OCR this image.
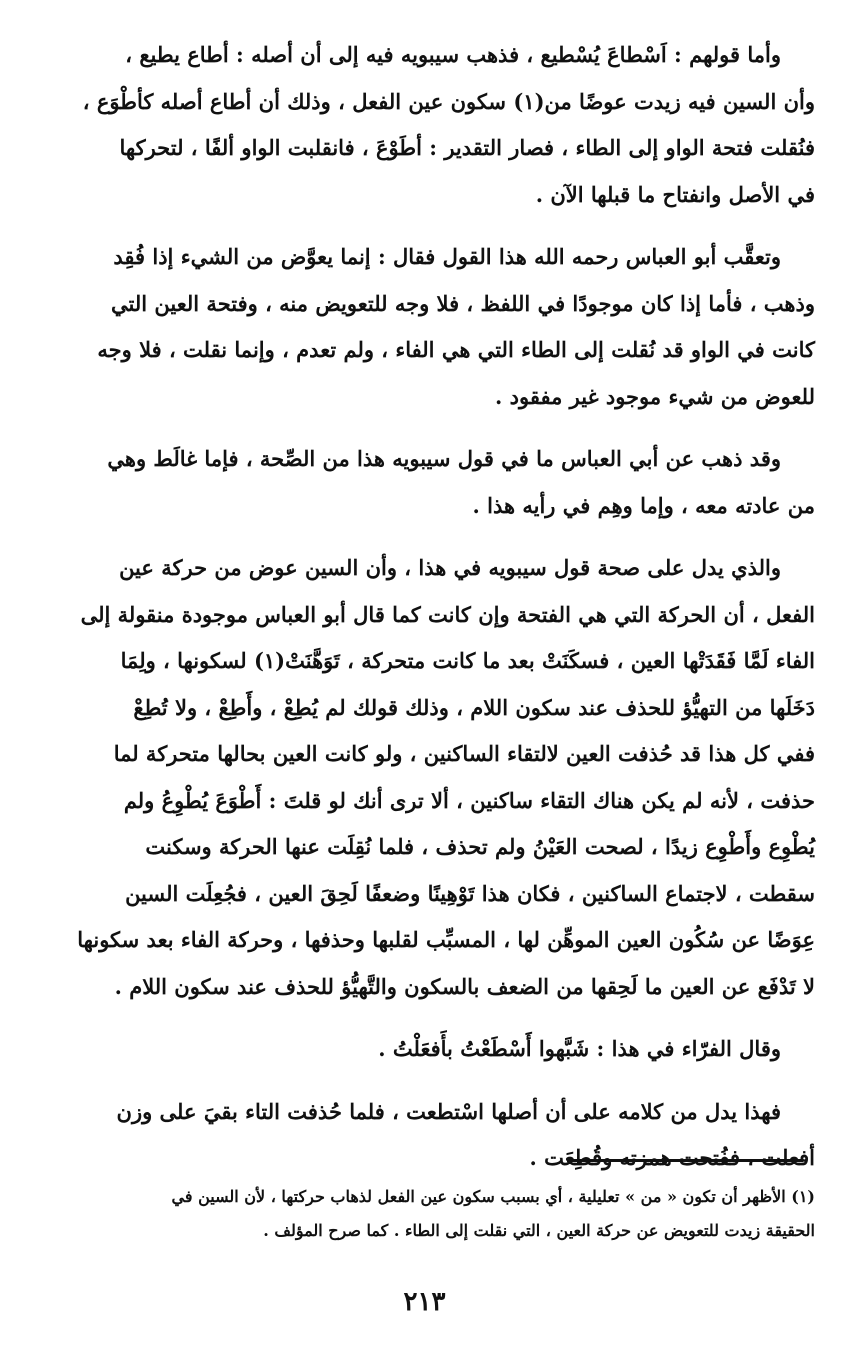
وأما قولهم : اَسْطاعَ يُسْطيع ، فذهب سيبويه فيه إلى أن أصله : أطاع يطيع ،
وأن السين فيه زيدت عوضًا من(١) سكون عين الفعل ، وذلك أن أطاع أصله كأطْوَع ،
فنُقلت فتحة الواو إلى الطاء ، فصار التقدير : أطَوْعَ ، فانقلبت الواو ألفًا ، لتحركها
في الأصل وانفتاح ما قبلها الآن .
وتعقَّب أبو العباس رحمه الله هذا القول فقال : إنما يعوَّض من الشيء إذا فُقِد
وذهب ، فأما إذا كان موجودًا في اللفظ ، فلا وجه للتعويض منه ، وفتحة العين التي
كانت في الواو قد نُقلت إلى الطاء التي هي الفاء ، ولم تعدم ، وإنما نقلت ، فلا وجه
للعوض من شيء موجود غير مفقود .
وقد ذهب عن أبي العباس ما في قول سيبويه هذا من الصِّحة ، فإما غالَط وهي
من عادته معه ، وإما وهِم في رأيه هذا .
والذي يدل على صحة قول سيبويه في هذا ، وأن السين عوض من حركة عين
الفعل ، أن الحركة التي هي الفتحة وإن كانت كما قال أبو العباس موجودة منقولة إلى
الفاء لَمَّا فَقَدَتْها العين ، فسكَنَتْ بعد ما كانت متحركة ، تَوَهَّنَتْ(١) لسكونها ، ولِمَا
دَخَلَها من التهيُّؤ للحذف عند سكون اللام ، وذلك قولك لم يُطِعْ ، وأَطِعْ ، ولا تُطِعْ
ففي كل هذا قد حُذفت العين لالتقاء الساكنين ، ولو كانت العين بحالها متحركة لما
حذفت ، لأنه لم يكن هناك التقاء ساكنين ، ألا ترى أنك لو قلتَ : أَطْوَعَ يُطْوِعُ ولم
يُطْوِع وأَطْوِع زيدًا ، لصحت العَيْنُ ولم تحذف ، فلما نُقِلَت عنها الحركة وسكنت
سقطت ، لاجتماع الساكنين ، فكان هذا تَوْهِينًا وضعفًا لَحِقَ العين ، فجُعِلَت السين
عِوَضًا عن سُكُون العين الموهِّن لها ، المسبِّب لقلبها وحذفها ، وحركة الفاء بعد سكونها
لا تَدْفَع عن العين ما لَحِقها من الضعف بالسكون والتَّهيُّؤ للحذف عند سكون اللام .
وقال الفرّاء في هذا : شَبَّهوا أَسْطَعْتُ بأَفعَلْتُ .
فهذا يدل من كلامه على أن أصلها اسْتطعت ، فلما حُذفت التاء بقيَ على وزن
أفعلت ، ففُتحت همزته وقُطِعَت .
(١) الأظهر أن تكون « من » تعليلية ، أي بسبب سكون عين الفعل لذهاب حركتها ، لأن السين في
الحقيقة زيدت للتعويض عن حركة العين ، التي نقلت إلى الطاء . كما صرح المؤلف .
٢١٣
